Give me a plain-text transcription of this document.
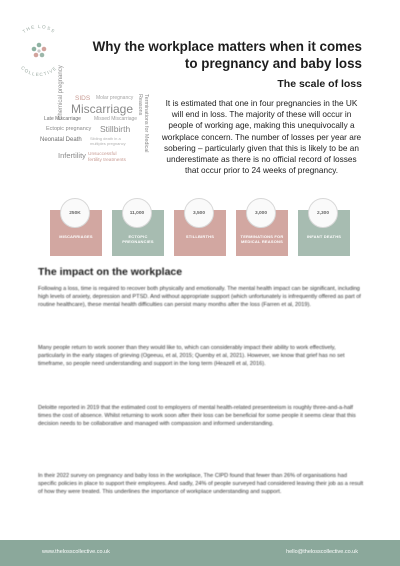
THE LOSS
COLLECTIVE
Why the workplace matters when it comes to pregnancy and baby loss
The scale of loss
Chemical pregnancy SIDS Molar pregnancy
Miscarriage
Late Miscarriage	Missed Miscarriage
Ectopic pregnancy Stillbirth
Neonatal Death Sibling death in a multiples pregnancy
Infertility Unsuccessful fertility treatments
Terminations for Medical Reasons	It is estimated that one in four pregnancies in the UK will end in loss. The majority of these will occur in people of working age, making this unequivocally a workplace concern. The number of losses per year are sobering – particularly given that this is likely to be an underestimate as there is no official record of losses that occur prior to 24 weeks of pregnancy.
250K
MISCARRIAGES
11,000
ECTOPIC PREGNANCIES
3,500
STILLBIRTHS
3,000
TERMINATIONS FOR MEDICAL REASONS
2,300
INFANT DEATHS
The impact on the workplace
Following a loss, time is required to recover both physically and emotionally. The mental health impact can be significant, including high levels of anxiety, depression and PTSD. And without appropriate support (which unfortunately is infrequently offered as part of routine healthcare), these mental health difficulties can persist many months after the loss (Farren et al, 2019).
Many people return to work sooner than they would like to, which can considerably impact their ability to work effectively, particularly in the early stages of grieving (Ogeeuu, et al, 2015; Quenby et al, 2021). However, we know that grief has no set timeframe, so people need understanding and support in the long term (Heazell et al, 2016).
Deloitte reported in 2019 that the estimated cost to employers of mental health-related presenteeism is roughly three-and-a-half times the cost of absence. Whilst returning to work soon after their loss can be beneficial for some people it seems clear that this decision needs to be collaborative and managed with compassion and informed understanding.
In their 2022 survey on pregnancy and baby loss in the workplace, The CIPD found that fewer than 26% of organisations had specific policies in place to support their employees. And sadly, 24% of people surveyed had considered leaving their job as a result of how they were treated. This underlines the importance of workplace understanding and support.
www.thelosscollective.co.uk	hello@thelosscollective.co.uk
